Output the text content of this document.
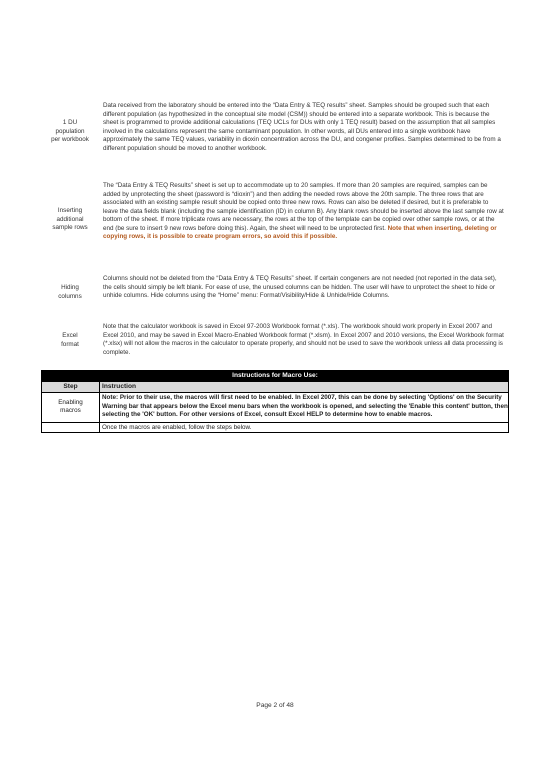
1 DU
population
per workbook
Data received from the laboratory should be entered into the “Data Entry & TEQ results” sheet. Samples should be grouped such that each different population (as hypothesized in the conceptual site model (CSM)) should be entered into a separate workbook. This is because the sheet is programmed to provide additional calculations (TEQ UCLs for DUs with only 1 TEQ result) based on the assumption that all samples involved in the calculations represent the same contaminant population. In other words, all DUs entered into a single workbook have approximately the same TEQ values, variability in dioxin concentration across the DU, and congener profiles. Samples determined to be from a different population should be moved to another workbook.
Inserting
additional
sample rows
The “Data Entry & TEQ Results” sheet is set up to accommodate up to 20 samples. If more than 20 samples are required, samples can be added by unprotecting the sheet (password is “dioxin”) and then adding the needed rows above the 20th sample. The three rows that are associated with an existing sample result should be copied onto three new rows. Rows can also be deleted if desired, but it is preferable to leave the data fields blank (including the sample identification (ID) in column B). Any blank rows should be inserted above the last sample row at bottom of the sheet. If more triplicate rows are necessary, the rows at the top of the template can be copied over other sample rows, or at the end (be sure to insert 9 new rows before doing this). Again, the sheet will need to be unprotected first. Note that when inserting, deleting or copying rows, it is possible to create program errors, so avoid this if possible.
Hiding
columns
Columns should not be deleted from the “Data Entry & TEQ Results” sheet. If certain congeners are not needed (not reported in the data set), the cells should simply be left blank. For ease of use, the unused columns can be hidden. The user will have to unprotect the sheet to hide or unhide columns. Hide columns using the “Home” menu: Format/Visibility/Hide & Unhide/Hide Columns.
Excel
format
Note that the calculator workbook is saved in Excel 97-2003 Workbook format (*.xls). The workbook should work properly in Excel 2007 and Excel 2010, and may be saved in Excel Macro-Enabled Workbook format (*.xlsm). In Excel 2007 and 2010 versions, the Excel Workbook format (*.xlsx) will not allow the macros in the calculator to operate properly, and should not be used to save the workbook unless all data processing is complete.
Instructions for Macro Use:
Step	Instruction
Enabling
macros
Note: Prior to their use, the macros will first need to be enabled. In Excel 2007, this can be done by selecting 'Options' on the Security Warning bar that appears below the Excel menu bars when the workbook is opened, and selecting the 'Enable this content' button, then selecting the 'OK' button. For other versions of Excel, consult Excel HELP to determine how to enable macros.
Once the macros are enabled, follow the steps below.
Page 2 of 48
